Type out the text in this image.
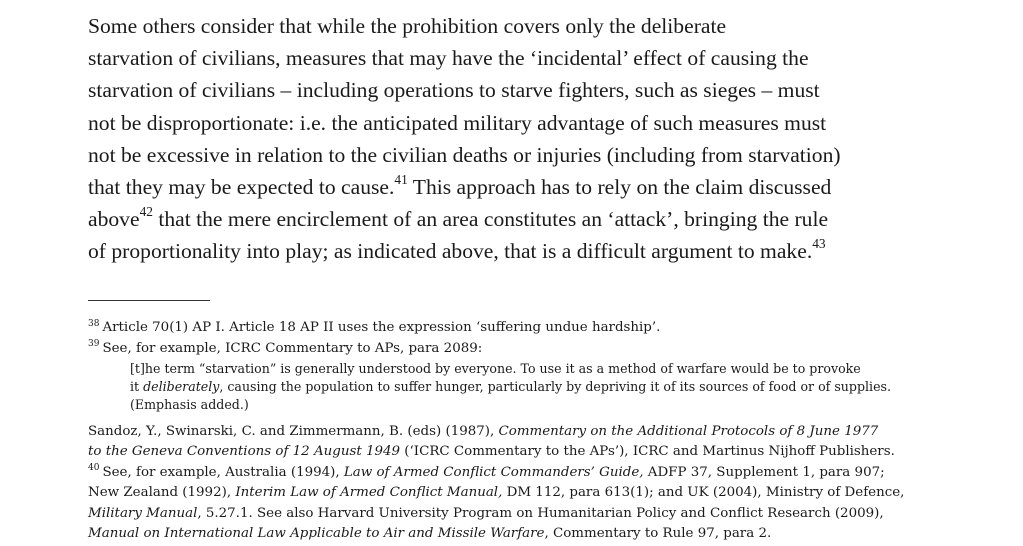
Some others consider that while the prohibition covers only the deliberate
starvation of civilians, measures that may have the ‘incidental’ effect of causing the
starvation of civilians – including operations to starve fighters, such as sieges – must
not be disproportionate: i.e. the anticipated military advantage of such measures must
not be excessive in relation to the civilian deaths or injuries (including from starvation)
that they may be expected to cause.$^{41}$ This approach has to rely on the claim discussed
above$^{42}$ that the mere encirclement of an area constitutes an ‘attack’, bringing the rule
of proportionality into play; as indicated above, that is a difficult argument to make.$^{43}$

$^{38}$ Article 70(1) AP I. Article 18 AP II uses the expression ‘suffering undue hardship’.
$^{39}$ See, for example, ICRC Commentary to APs, para 2089:
[t]he term “starvation” is generally understood by everyone. To use it as a method of warfare would be to provoke
it deliberately, causing the population to suffer hunger, particularly by depriving it of its sources of food or of supplies.
(Emphasis added.)
Sandoz, Y., Swinarski, C. and Zimmermann, B. (eds) (1987), Commentary on the Additional Protocols of 8 June 1977
to the Geneva Conventions of 12 August 1949 (‘ICRC Commentary to the APs’), ICRC and Martinus Nijhoff Publishers.
$^{40}$ See, for example, Australia (1994), Law of Armed Conflict Commanders’ Guide, ADFP 37, Supplement 1, para 907;
New Zealand (1992), Interim Law of Armed Conflict Manual, DM 112, para 613(1); and UK (2004), Ministry of Defence,
Military Manual, 5.27.1. See also Harvard University Program on Humanitarian Policy and Conflict Research (2009),
Manual on International Law Applicable to Air and Missile Warfare, Commentary to Rule 97, para 2.
